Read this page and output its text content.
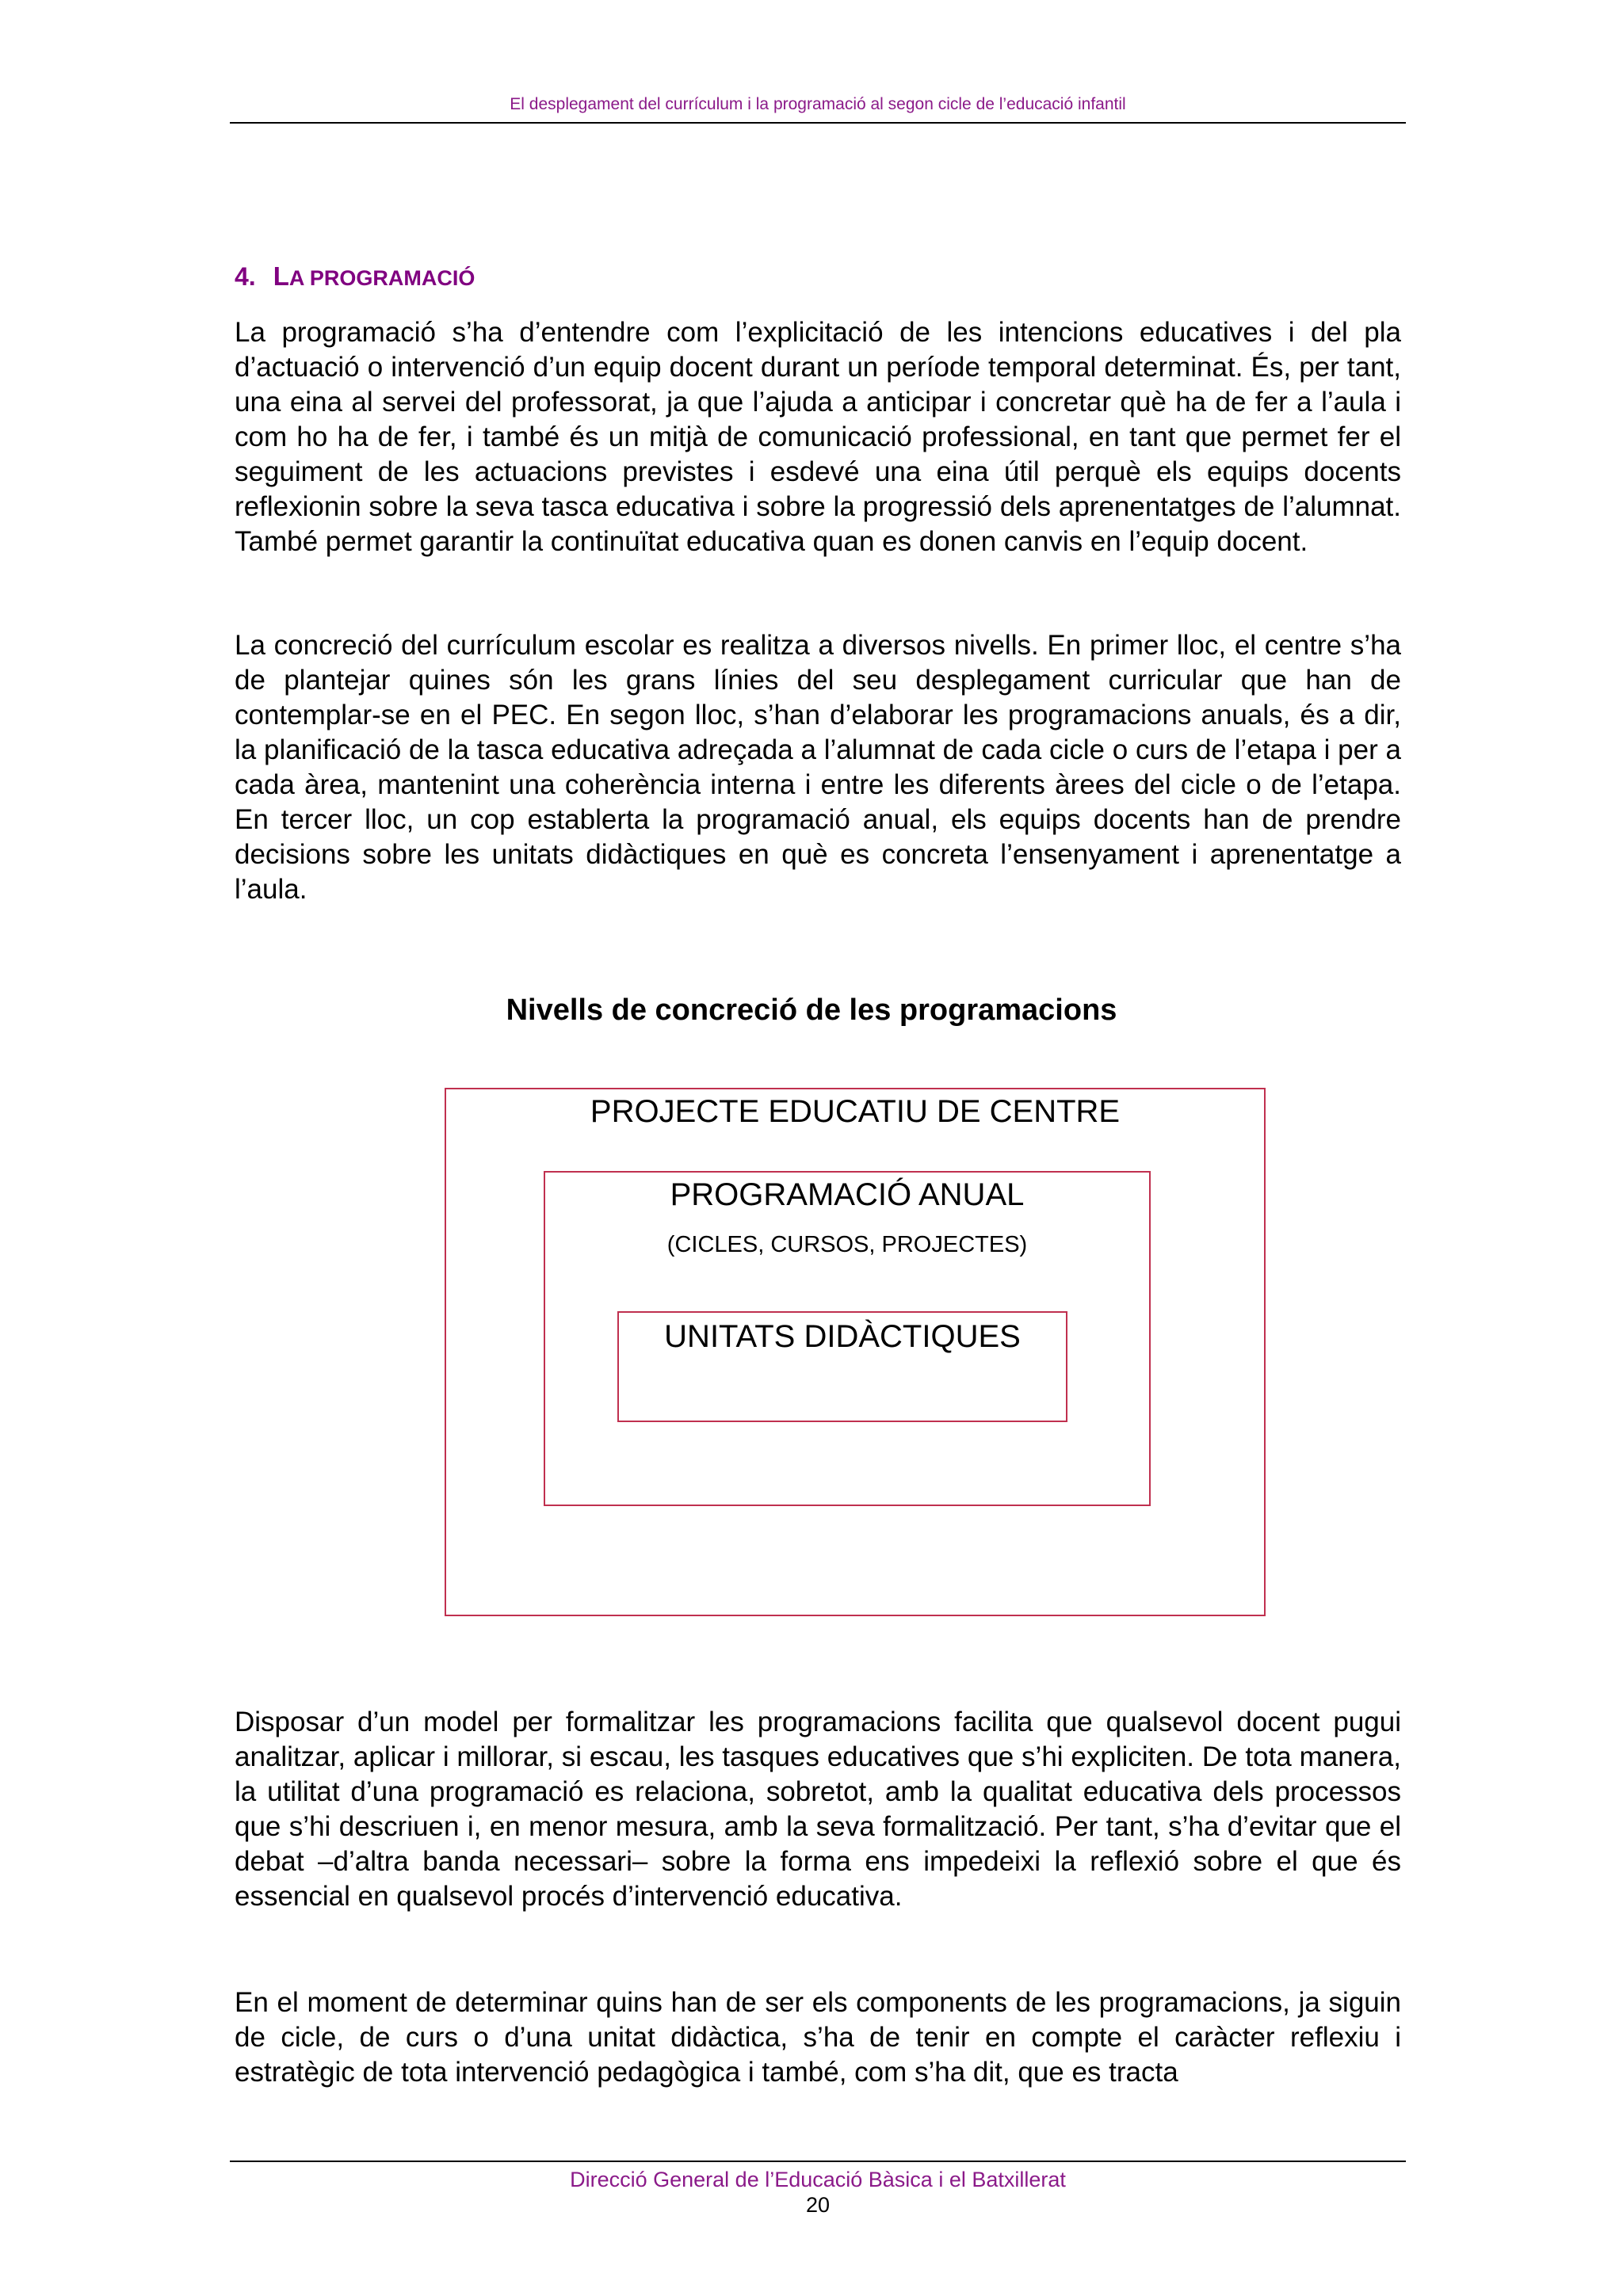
El desplegament del currículum i la programació al segon cicle de l’educació infantil
4. LA PROGRAMACIÓ

La programació s’ha d’entendre com l’explicitació de les intencions educatives i del pla d’actuació o intervenció d’un equip docent durant un període temporal determinat. És, per tant, una eina al servei del professorat, ja que l’ajuda a anticipar i concretar què ha de fer a l’aula i com ho ha de fer, i també és un mitjà de comunicació professional, en tant que permet fer el seguiment de les actuacions previstes i esdevé una eina útil perquè els equips docents reflexionin sobre la seva tasca educativa i sobre la progressió dels aprenentatges de l’alumnat. També permet garantir la continuïtat educativa quan es donen canvis en l’equip docent.

La concreció del currículum escolar es realitza a diversos nivells. En primer lloc, el centre s’ha de plantejar quines són les grans línies del seu desplegament curricular que han de contemplar-se en el PEC. En segon lloc, s’han d’elaborar les programacions anuals, és a dir, la planificació de la tasca educativa adreçada a l’alumnat de cada cicle o curs de l’etapa i per a cada àrea, mantenint una coherència interna i entre les diferents àrees del cicle o de l’etapa. En tercer lloc, un cop establerta la programació anual, els equips docents han de prendre decisions sobre les unitats didàctiques en què es concreta l’ensenyament i aprenentatge a l’aula.

Nivells de concreció de les programacions
PROJECTE EDUCATIU DE CENTRE
PROGRAMACIÓ ANUAL
(CICLES, CURSOS, PROJECTES)
UNITATS DIDÀCTIQUES

Disposar d’un model per formalitzar les programacions facilita que qualsevol docent pugui analitzar, aplicar i millorar, si escau, les tasques educatives que s’hi expliciten. De tota manera, la utilitat d’una programació es relaciona, sobretot, amb la qualitat educativa dels processos que s’hi descriuen i, en menor mesura, amb la seva formalització. Per tant, s’ha d’evitar que el debat –d’altra banda necessari– sobre la forma ens impedeixi la reflexió sobre el que és essencial en qualsevol procés d’intervenció educativa.

En el moment de determinar quins han de ser els components de les programacions, ja siguin de cicle, de curs o d’una unitat didàctica, s’ha de tenir en compte el caràcter reflexiu i estratègic de tota intervenció pedagògica i també, com s’ha dit, que es tracta

Direcció General de l’Educació Bàsica i el Batxillerat
20
